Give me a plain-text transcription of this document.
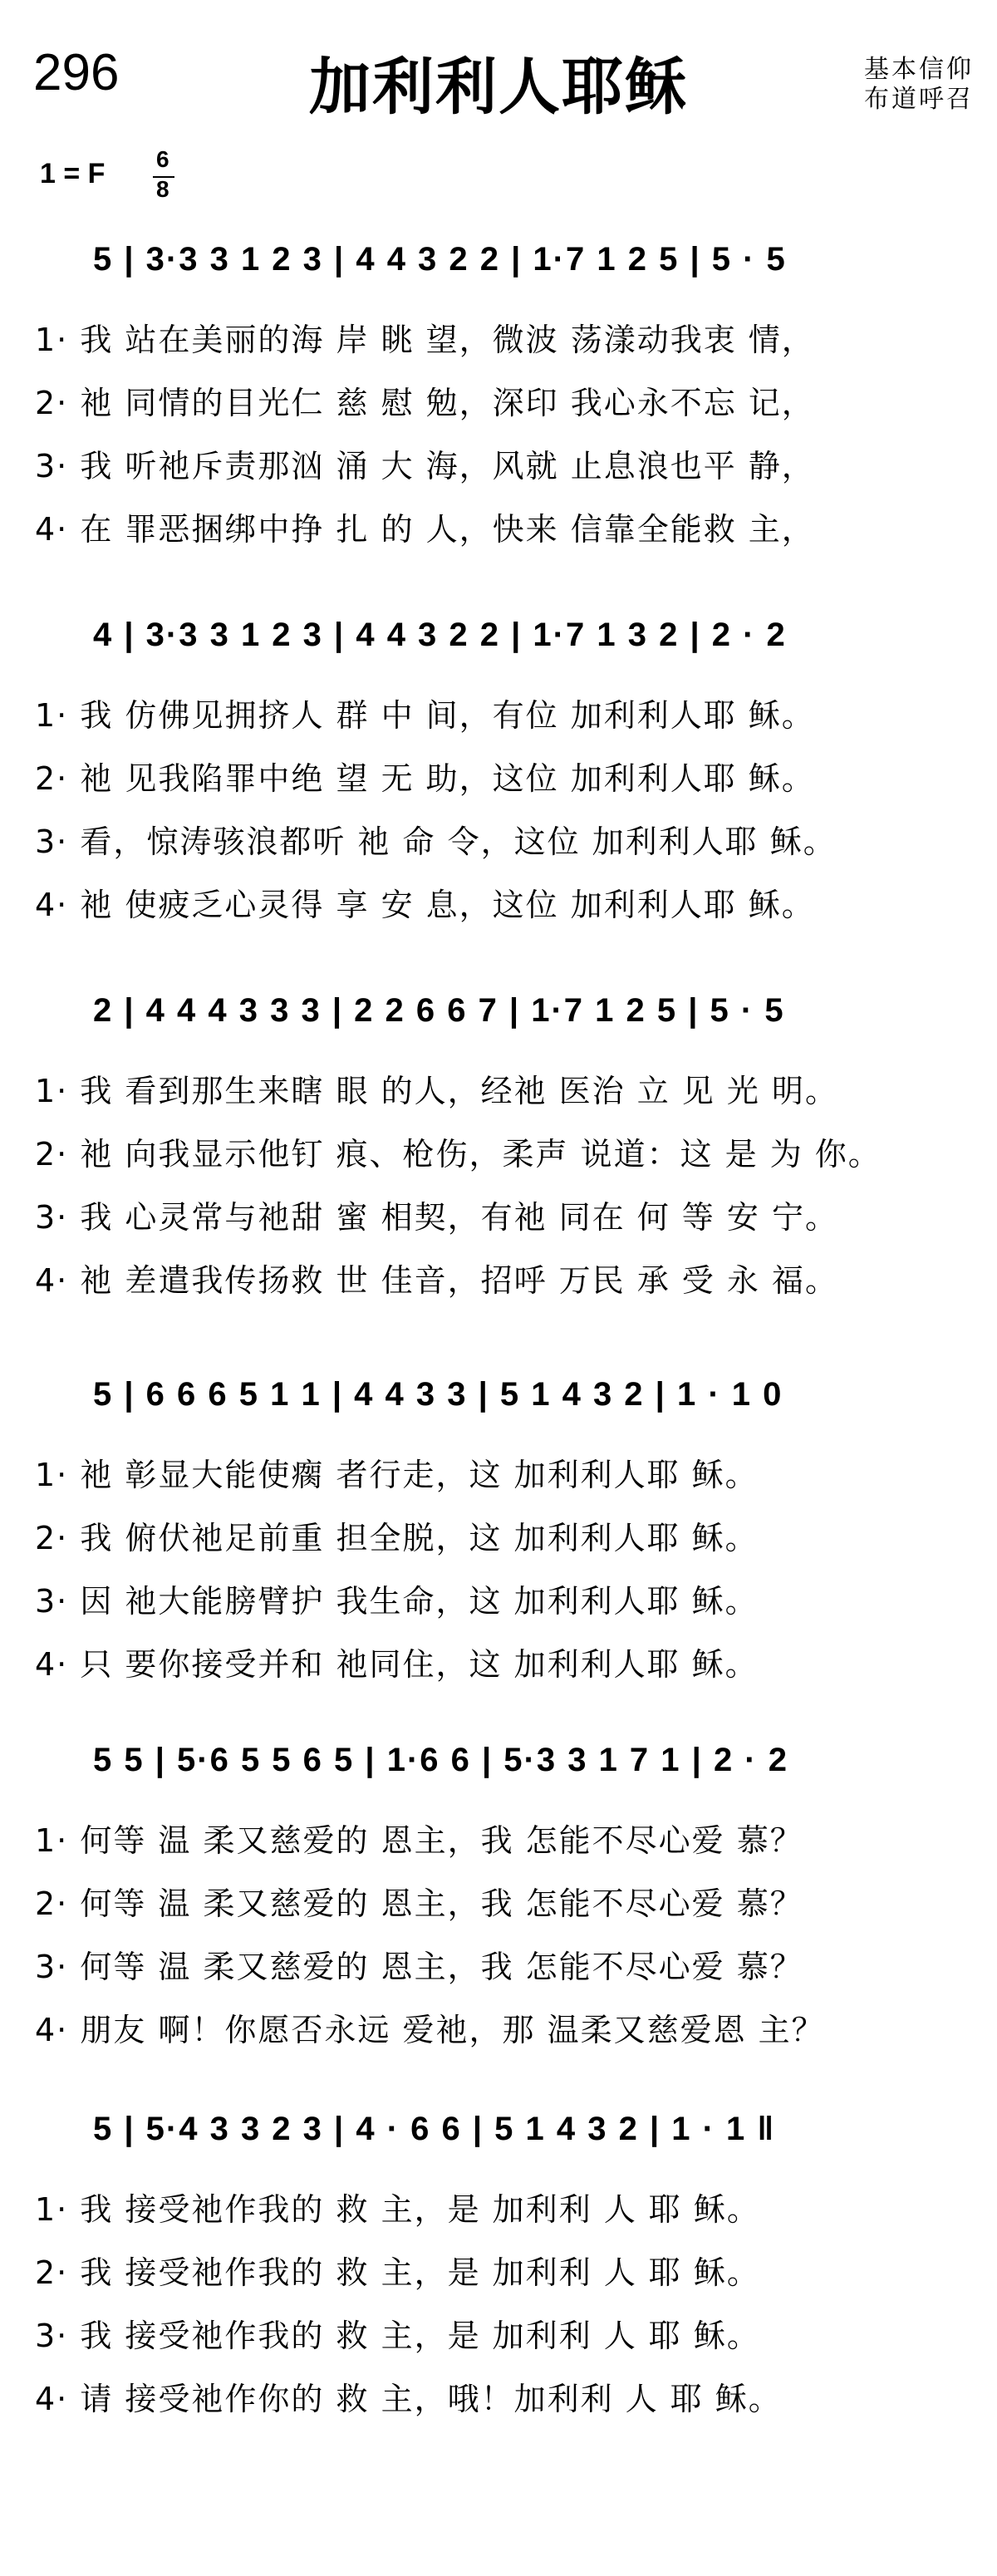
296	加利利人耶稣	基本信仰
布道呼召
1 = F 6
8
5 | 3·3 3 1 2 3 | 4 4 3 2 2 | 1·7 1 2 5 | 5 · 5
1· 我 站在美丽的海 岸 眺 望，微波 荡漾动我衷 情，
2· 祂 同情的目光仁 慈 慰 勉，深印 我心永不忘 记，
3· 我 听祂斥责那汹 涌 大 海，风就 止息浪也平 静，
4· 在 罪恶捆绑中挣 扎 的 人，快来 信靠全能救 主，
4 | 3·3 3 1 2 3 | 4 4 3 2 2 | 1·7 1 3 2 | 2 · 2
1· 我 仿佛见拥挤人 群 中 间，有位 加利利人耶 稣。
2· 祂 见我陷罪中绝 望 无 助，这位 加利利人耶 稣。
3· 看，惊涛骇浪都听 祂 命 令，这位 加利利人耶 稣。
4· 祂 使疲乏心灵得 享 安 息，这位 加利利人耶 稣。
2 | 4 4 4 3 3 3 | 2 2 6 6 7 | 1·7 1 2 5 | 5 · 5
1· 我 看到那生来瞎 眼 的人，经祂 医治 立 见 光 明。
2· 祂 向我显示他钉 痕、枪伤，柔声 说道：这 是 为 你。
3· 我 心灵常与祂甜 蜜 相契，有祂 同在 何 等 安 宁。
4· 祂 差遣我传扬救 世 佳音，招呼 万民 承 受 永 福。
5 | 6 6 6 5 1 1 | 4 4 3 3 | 5 1 4 3 2 | 1 · 1 0
1· 祂 彰显大能使瘸 者行走，这 加利利人耶 稣。
2· 我 俯伏祂足前重 担全脱，这 加利利人耶 稣。
3· 因 祂大能膀臂护 我生命，这 加利利人耶 稣。
4· 只 要你接受并和 祂同住，这 加利利人耶 稣。
5 5 | 5·6 5 5 6 5 | 1·6 6 | 5·3 3 1 7 1 | 2 · 2
1· 何等 温 柔又慈爱的 恩主，我 怎能不尽心爱 慕？
2· 何等 温 柔又慈爱的 恩主，我 怎能不尽心爱 慕？
3· 何等 温 柔又慈爱的 恩主，我 怎能不尽心爱 慕？
4· 朋友 啊！你愿否永远 爱祂，那 温柔又慈爱恩 主？
5 | 5·4 3 3 2 3 | 4 · 6 6 | 5 1 4 3 2 | 1 · 1 ‖
1· 我 接受祂作我的 救 主，是 加利利 人 耶 稣。
2· 我 接受祂作我的 救 主，是 加利利 人 耶 稣。
3· 我 接受祂作我的 救 主，是 加利利 人 耶 稣。
4· 请 接受祂作你的 救 主，哦！加利利 人 耶 稣。
